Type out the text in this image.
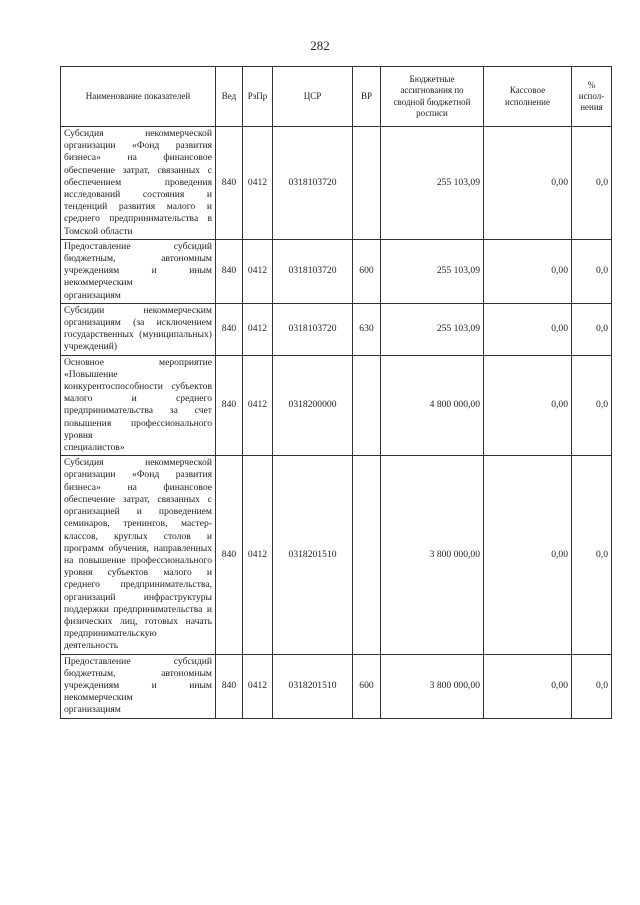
282
Наименование показателей	Вед	РзПр	ЦСР	ВР	Бюджетные ассигнования по сводной бюджетной росписи	Кассовое исполнение	% испол-нения
Субсидия некоммерческой организации «Фонд развития бизнеса» на финансовое обеспечение затрат, связанных с обеспечением проведения исследований состояния и тенденций развития малого и среднего предпринимательства в
Томской области	840	0412	0318103720		255 103,09	0,00	0,0
Предоставление субсидий бюджетным, автономным учреждениям и иным некоммерческим
организациям	840	0412	0318103720	600	255 103,09	0,00	0,0
Субсидии некоммерческим организациям (за исключением государственных (муниципальных)
учреждений)	840	0412	0318103720	630	255 103,09	0,00	0,0
Основное мероприятие «Повышение конкурентоспособности субъектов малого и среднего предпринимательства за счет повышения профессионального уровня
специалистов»	840	0412	0318200000		4 800 000,00	0,00	0,0
Субсидия некоммерческой организации «Фонд развития бизнеса» на финансовое обеспечение затрат, связанных с организацией и проведением семинаров, тренингов, мастер-классов, круглых столов и программ обучения, направленных на повышение профессионального уровня субъектов малого и среднего предпринимательства, организаций инфраструктуры поддержки предпринимательства и физических лиц, готовых начать предпринимательскую
деятельность	840	0412	0318201510		3 800 000,00	0,00	0,0
Предоставление субсидий бюджетным, автономным учреждениям и иным некоммерческим
организациям	840	0412	0318201510	600	3 800 000,00	0,00	0,0
